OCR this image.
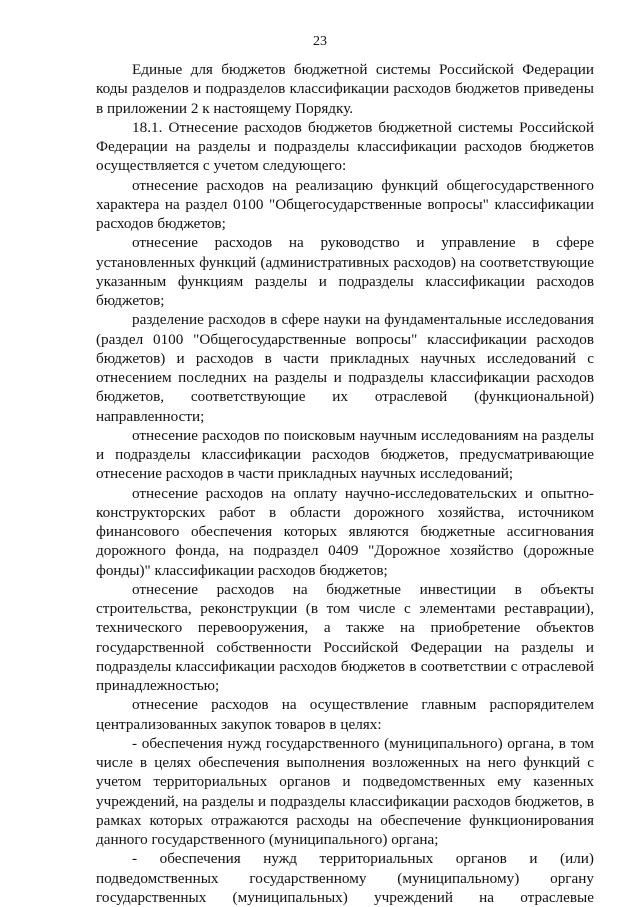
23

Единые для бюджетов бюджетной системы Российской Федерации коды разделов и подразделов классификации расходов бюджетов приведены в приложении 2 к настоящему Порядку.

18.1. Отнесение расходов бюджетов бюджетной системы Российской Федерации на разделы и подразделы классификации расходов бюджетов осуществляется с учетом следующего:

отнесение расходов на реализацию функций общегосударственного характера на раздел 0100 "Общегосударственные вопросы" классификации расходов бюджетов;

отнесение расходов на руководство и управление в сфере установленных функций (административных расходов) на соответствующие указанным функциям разделы и подразделы классификации расходов бюджетов;

разделение расходов в сфере науки на фундаментальные исследования (раздел 0100 "Общегосударственные вопросы" классификации расходов бюджетов) и расходов в части прикладных научных исследований с отнесением последних на разделы и подразделы классификации расходов бюджетов, соответствующие их отраслевой (функциональной) направленности;

отнесение расходов по поисковым научным исследованиям на разделы и подразделы классификации расходов бюджетов, предусматривающие отнесение расходов в части прикладных научных исследований;

отнесение расходов на оплату научно-исследовательских и опытно-конструкторских работ в области дорожного хозяйства, источником финансового обеспечения которых являются бюджетные ассигнования дорожного фонда, на подраздел 0409 "Дорожное хозяйство (дорожные фонды)" классификации расходов бюджетов;

отнесение расходов на бюджетные инвестиции в объекты строительства, реконструкции (в том числе с элементами реставрации), технического перевооружения, а также на приобретение объектов государственной собственности Российской Федерации на разделы и подразделы классификации расходов бюджетов в соответствии с отраслевой принадлежностью;

отнесение расходов на осуществление главным распорядителем централизованных закупок товаров в целях:

- обеспечения нужд государственного (муниципального) органа, в том числе в целях обеспечения выполнения возложенных на него функций с учетом территориальных органов и подведомственных ему казенных учреждений, на разделы и подразделы классификации расходов бюджетов, в рамках которых отражаются расходы на обеспечение функционирования данного государственного (муниципального) органа;

- обеспечения нужд территориальных органов и (или) подведомственных государственному (муниципальному) органу государственных (муниципальных) учреждений на отраслевые
